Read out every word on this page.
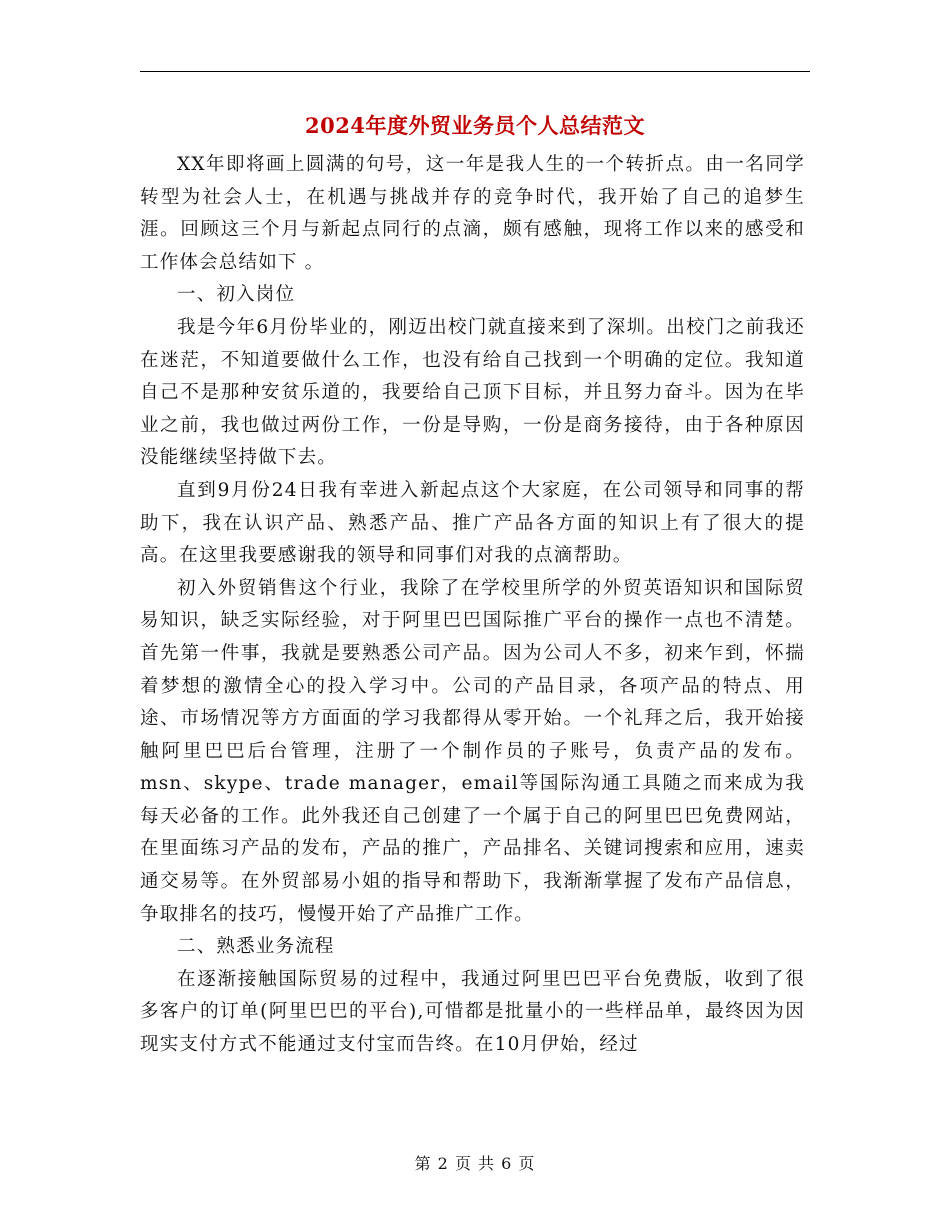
2024年度外贸业务员个人总结范文

XX年即将画上圆满的句号，这一年是我人生的一个转折点。由一名同学转型为社会人士，在机遇与挑战并存的竞争时代，我开始了自己的追梦生涯。回顾这三个月与新起点同行的点滴，颇有感触，现将工作以来的感受和工作体会总结如下 。

一、初入岗位

我是今年6月份毕业的，刚迈出校门就直接来到了深圳。出校门之前我还在迷茫，不知道要做什么工作，也没有给自己找到一个明确的定位。我知道自己不是那种安贫乐道的，我要给自己顶下目标，并且努力奋斗。因为在毕业之前，我也做过两份工作，一份是导购，一份是商务接待，由于各种原因没能继续坚持做下去。

直到9月份24日我有幸进入新起点这个大家庭，在公司领导和同事的帮助下，我在认识产品、熟悉产品、推广产品各方面的知识上有了很大的提高。在这里我要感谢我的领导和同事们对我的点滴帮助。

初入外贸销售这个行业，我除了在学校里所学的外贸英语知识和国际贸易知识，缺乏实际经验，对于阿里巴巴国际推广平台的操作一点也不清楚。首先第一件事，我就是要熟悉公司产品。因为公司人不多，初来乍到，怀揣着梦想的激情全心的投入学习中。公司的产品目录，各项产品的特点、用途、市场情况等方方面面的学习我都得从零开始。一个礼拜之后，我开始接触阿里巴巴后台管理，注册了一个制作员的子账号，负责产品的发布。msn、skype、trade manager，email等国际沟通工具随之而来成为我每天必备的工作。此外我还自己创建了一个属于自己的阿里巴巴免费网站，在里面练习产品的发布，产品的推广，产品排名、关键词搜索和应用，速卖通交易等。在外贸部易小姐的指导和帮助下，我渐渐掌握了发布产品信息，争取排名的技巧，慢慢开始了产品推广工作。

二、熟悉业务流程

在逐渐接触国际贸易的过程中，我通过阿里巴巴平台免费版，收到了很多客户的订单(阿里巴巴的平台),可惜都是批量小的一些样品单，最终因为因现实支付方式不能通过支付宝而告终。在10月伊始，经过

第 2 页 共 6 页
